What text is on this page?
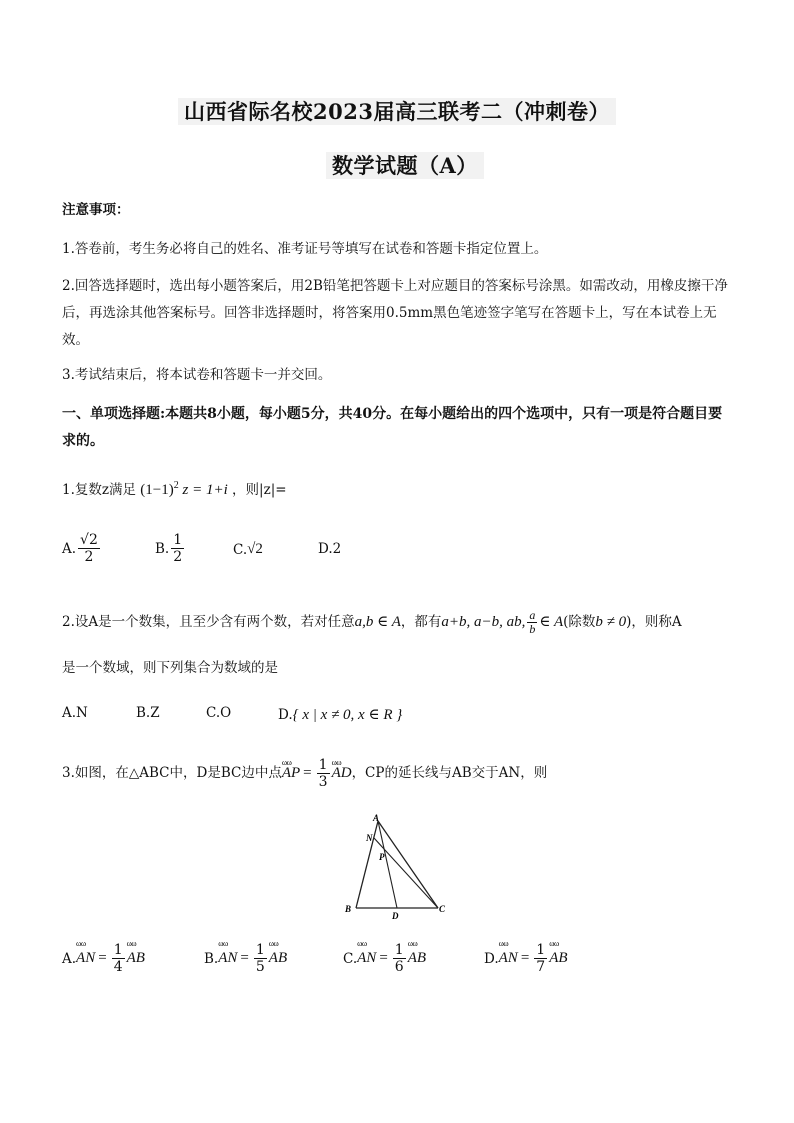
山西省际名校2023届高三联考二（冲刺卷）
数学试题（A）
注意事项：
1.答卷前，考生务必将自己的姓名、准考证号等填写在试卷和答题卡指定位置上。
2.回答选择题时，选出每小题答案后，用2B铅笔把答题卡上对应题目的答案标号涂黑。如需改动，用橡皮擦干净后，再选涂其他答案标号。回答非选择题时，将答案用0.5mm黑色笔迹签字笔写在答题卡上，写在本试卷上无效。
3.考试结束后，将本试卷和答题卡一并交回。
一、单项选择题:本题共8小题，每小题5分，共40分。在每小题给出的四个选项中，只有一项是符合题目要求的。
1.复数z满足 $(1-1)^2$ z = 1+i ，则|z|=
A. $\frac{√2}{2}$	B. $\frac{1}{2}$	C. √2	D. 2
2.设A是一个数集，且至少含有两个数，若对任意 a,b ∈ A ，都有 a+b, a−b, ab, $\frac{a}{b}$ ∈ A (除数 b ≠ 0 )，则称A
是一个数域，则下列集合为数域的是
A. N	B. Z	C. O	D. { x | x ≠ 0, x ∈ R }
3.如图，在△ABC中，D是BC边中点
ωω
AP = $\frac{1}{3}$ ωω
AD ，CP的延长线与AB交于AN，则
A
N
P
B
D
C
A.
ωω
AN = $\frac{1}{4}$ ωω
AB	B.
ωω
AN = $\frac{1}{5}$ ωω
AB	C.
ωω
AN = $\frac{1}{6}$ ωω
AB	D.
ωω
AN = $\frac{1}{7}$ ωω
AB
